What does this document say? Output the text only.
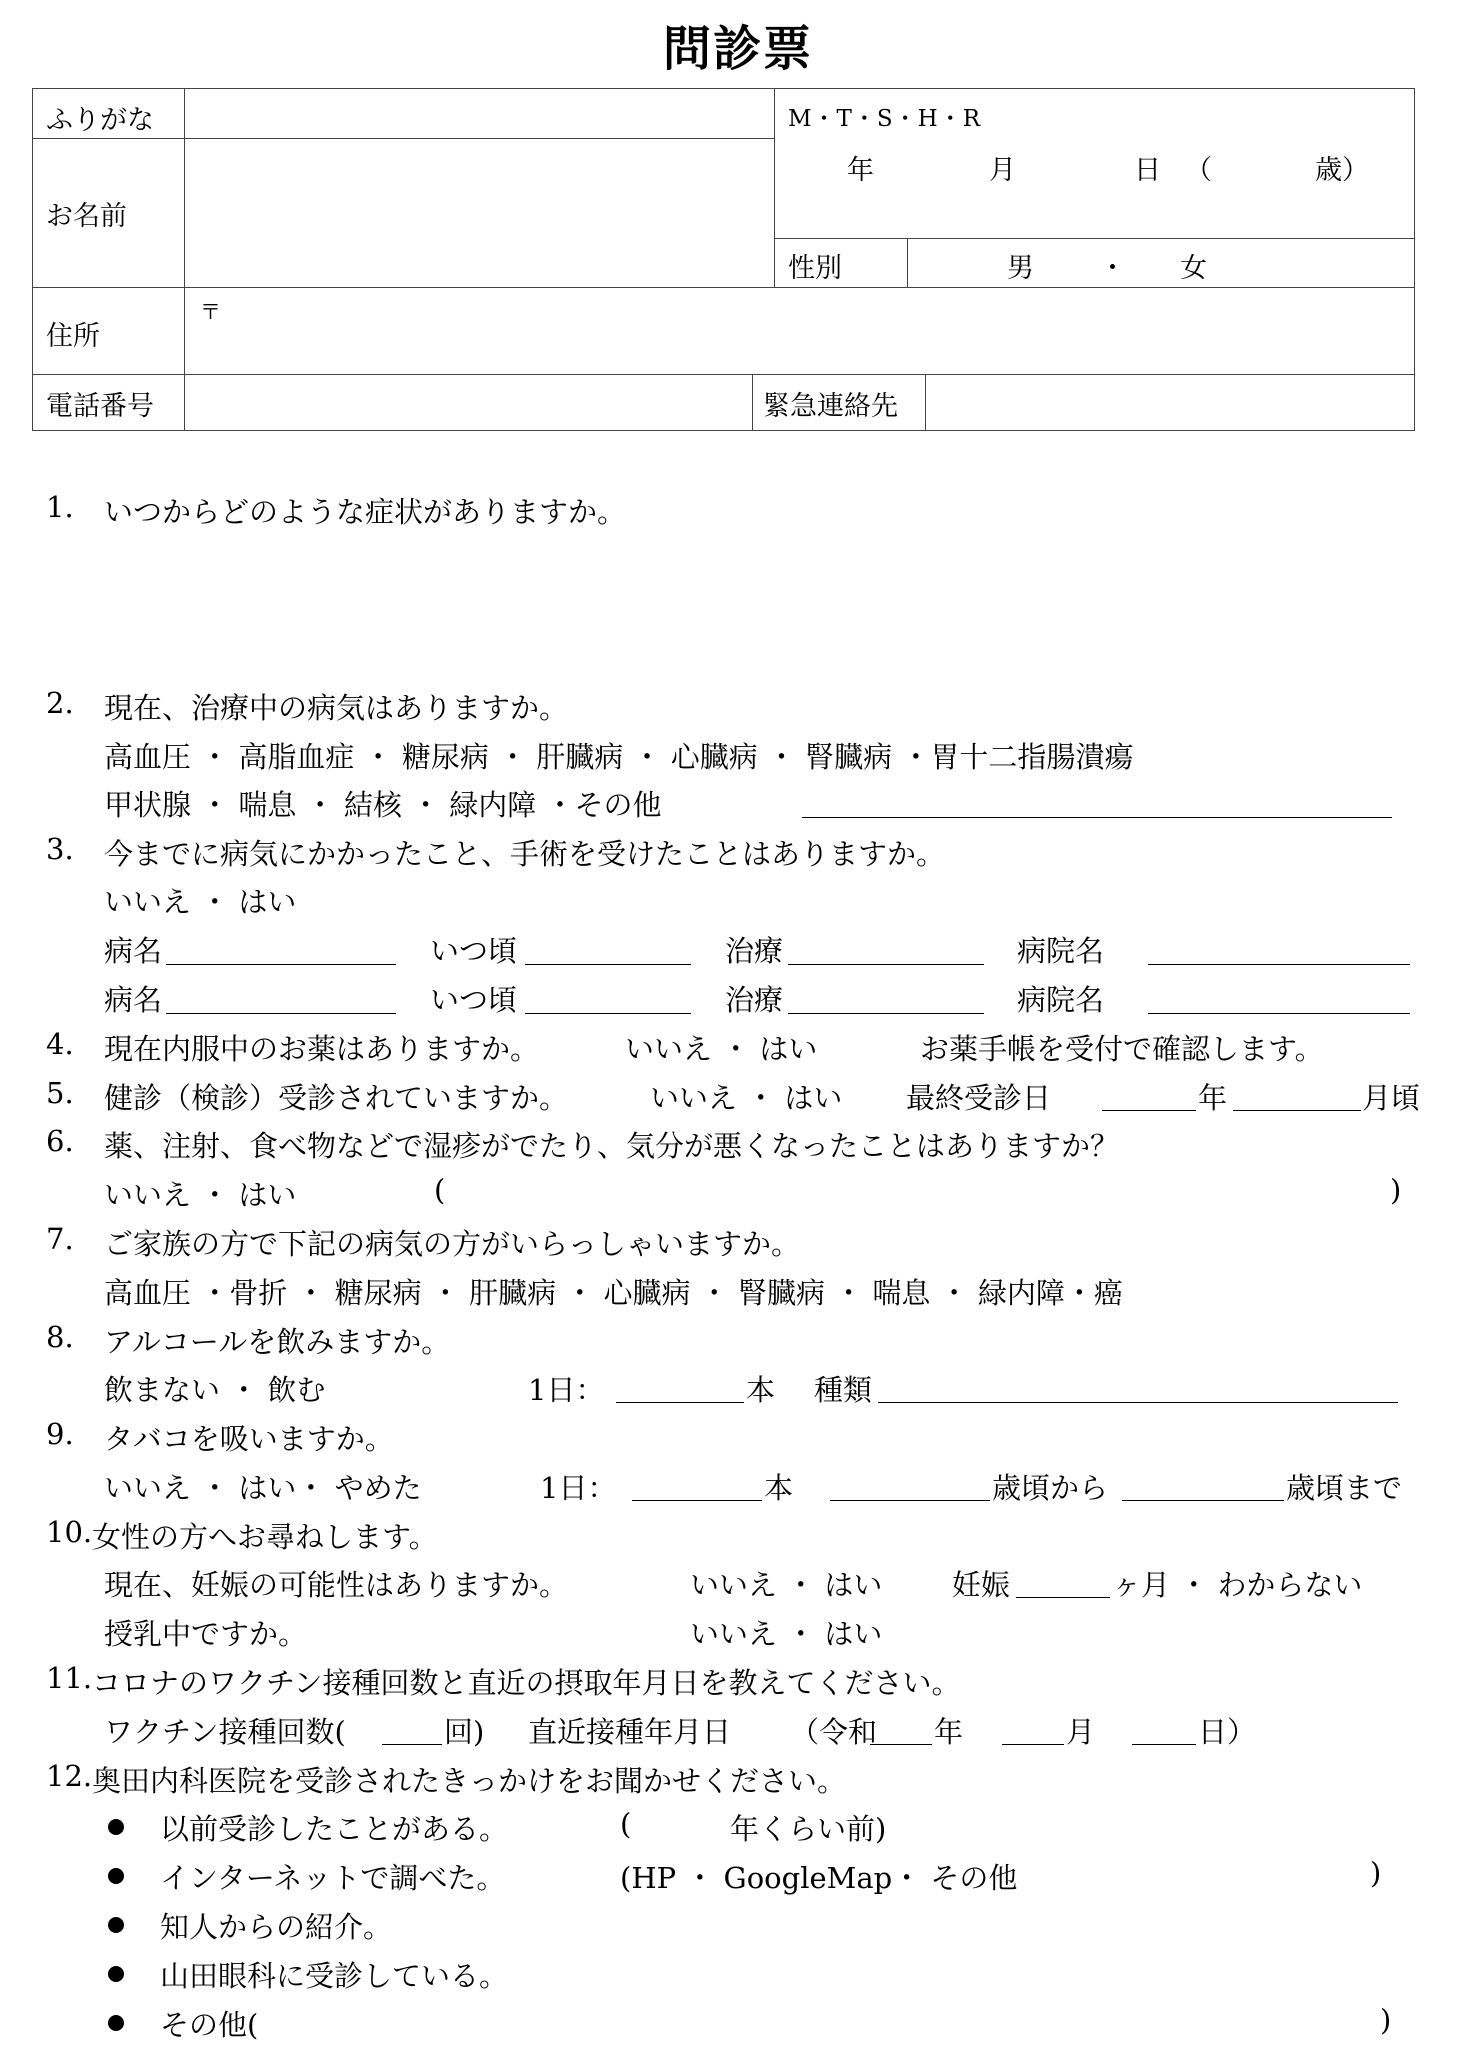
問診票
ふりがな
お名前
M・T・S・H・R
年	月	日 （	歳）
性別	男 ・ 女
住所
〒
電話番号	緊急連絡先
1. いつからどのような症状がありますか。
2. 現在、治療中の病気はありますか。
高血圧 ・ 高脂血症 ・ 糖尿病 ・ 肝臓病 ・ 心臓病 ・ 腎臓病 ・胃十二指腸潰瘍
甲状腺 ・ 喘息 ・ 結核 ・ 緑内障 ・その他
3. 今までに病気にかかったこと、手術を受けたことはありますか。
いいえ ・ はい
病名	いつ頃	治療	病院名
病名	いつ頃	治療	病院名
4. 現在内服中のお薬はありますか。	いいえ ・ はい	お薬手帳を受付で確認します。
5. 健診（検診）受診されていますか。	いいえ ・ はい 最終受診日	年	月頃
6. 薬、注射、食べ物などで湿疹がでたり、気分が悪くなったことはありますか？
いいえ ・ はい	(	)
7. ご家族の方で下記の病気の方がいらっしゃいますか。
高血圧 ・骨折 ・ 糖尿病 ・ 肝臓病 ・ 心臓病 ・ 腎臓病 ・ 喘息 ・ 緑内障・癌
8. アルコールを飲みますか。
飲まない ・ 飲む	1日：	本 種類
9. タバコを吸いますか。
いいえ ・ はい・ やめた	1日：	本	歳頃から	歳頃まで
10. 女性の方へお尋ねします。
現在、妊娠の可能性はありますか。	いいえ ・ はい 妊娠	ヶ月 ・ わからない
授乳中ですか。	いいえ ・ はい
11. コロナのワクチン接種回数と直近の摂取年月日を教えてください。
ワクチン接種回数(	回) 直近接種年月日 （令和 年	月	日）
12. 奥田内科医院を受診されたきっかけをお聞かせください。
以前受診したことがある。	(	年くらい前)
インターネットで調べた。	(HP ・ GoogleMap・ その他	)
知人からの紹介。
山田眼科に受診している。
その他(	)
